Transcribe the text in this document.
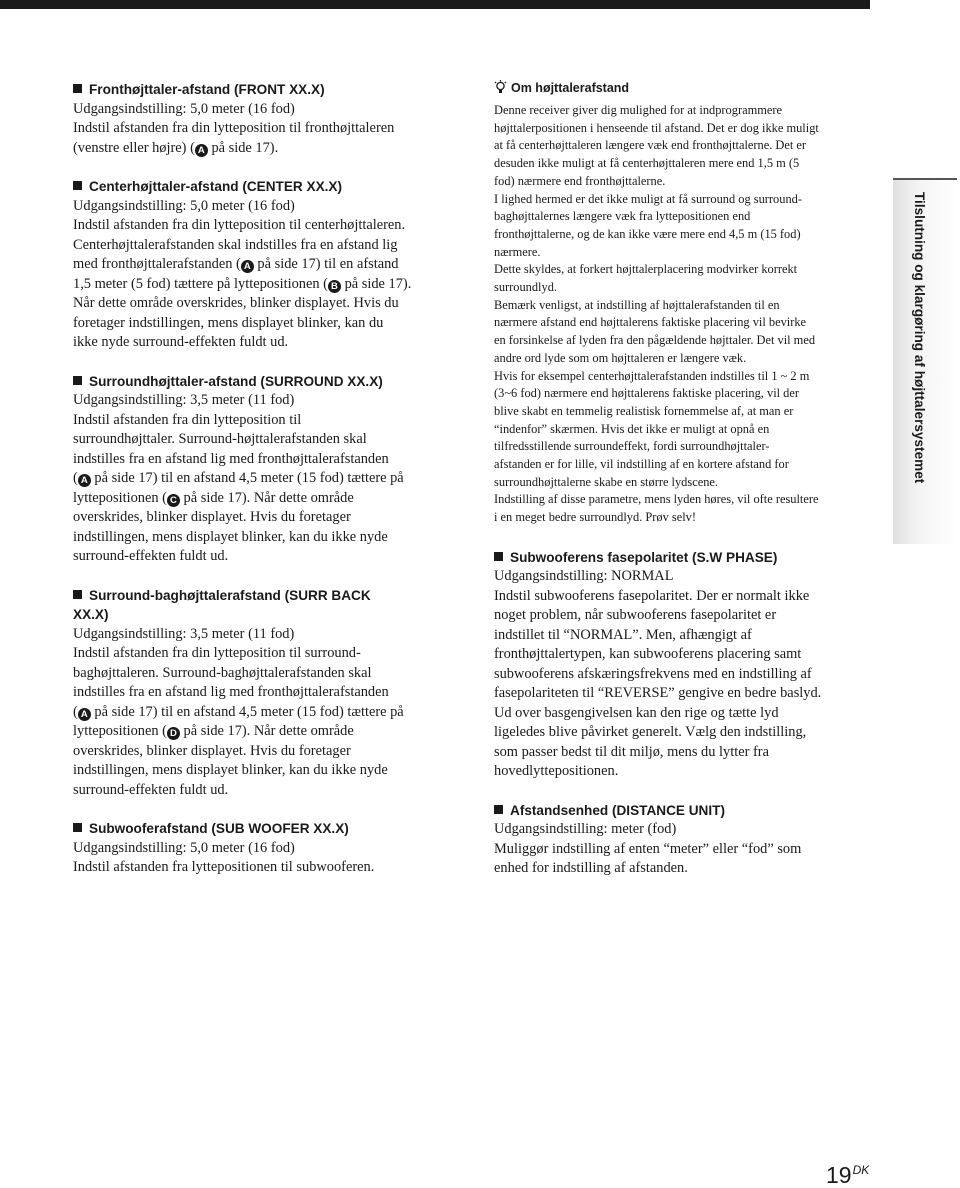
Fronthøjttaler-afstand (FRONT XX.X)
Udgangsindstilling: 5,0 meter (16 fod)
Indstil afstanden fra din lytteposition til fronthøjttaleren
(venstre eller højre) ( A på side 17).
Centerhøjttaler-afstand (CENTER XX.X)
Udgangsindstilling: 5,0 meter (16 fod)
Indstil afstanden fra din lytteposition til centerhøjttaleren.
Centerhøjttalerafstanden skal indstilles fra en afstand lig
med fronthøjttalerafstanden ( A på side 17) til en afstand
1,5 meter (5 fod) tættere på lyttepositionen ( B på side 17).
Når dette område overskrides, blinker displayet. Hvis du
foretager indstillingen, mens displayet blinker, kan du
ikke nyde surround-effekten fuldt ud.
Surroundhøjttaler-afstand (SURROUND XX.X)
Udgangsindstilling: 3,5 meter (11 fod)
Indstil afstanden fra din lytteposition til
surroundhøjttaler. Surround-højttalerafstanden skal
indstilles fra en afstand lig med fronthøjttalerafstanden
( A på side 17) til en afstand 4,5 meter (15 fod) tættere på
lyttepositionen ( C på side 17). Når dette område
overskrides, blinker displayet. Hvis du foretager
indstillingen, mens displayet blinker, kan du ikke nyde
surround-effekten fuldt ud.
Surround-baghøjttalerafstand (SURR BACK
XX.X)
Udgangsindstilling: 3,5 meter (11 fod)
Indstil afstanden fra din lytteposition til surround-
baghøjttaleren. Surround-baghøjttalerafstanden skal
indstilles fra en afstand lig med fronthøjttalerafstanden
( A på side 17) til en afstand 4,5 meter (15 fod) tættere på
lyttepositionen ( D på side 17). Når dette område
overskrides, blinker displayet. Hvis du foretager
indstillingen, mens displayet blinker, kan du ikke nyde
surround-effekten fuldt ud.
Subwooferafstand (SUB WOOFER XX.X)
Udgangsindstilling: 5,0 meter (16 fod)
Indstil afstanden fra lyttepositionen til subwooferen.
Om højttalerafstand
Denne receiver giver dig mulighed for at indprogrammere
højttalerpositionen i henseende til afstand. Det er dog ikke muligt
at få centerhøjttaleren længere væk end fronthøjttalerne. Det er
desuden ikke muligt at få centerhøjttaleren mere end 1,5 m (5
fod) nærmere end fronthøjttalerne.
I lighed hermed er det ikke muligt at få surround og surround-
baghøjttalernes længere væk fra lyttepositionen end
fronthøjttalerne, og de kan ikke være mere end 4,5 m (15 fod)
nærmere.
Dette skyldes, at forkert højttalerplacering modvirker korrekt
surroundlyd.
Bemærk venligst, at indstilling af højttalerafstanden til en
nærmere afstand end højttalerens faktiske placering vil bevirke
en forsinkelse af lyden fra den pågældende højttaler. Det vil med
andre ord lyde som om højttaleren er længere væk.
Hvis for eksempel centerhøjttalerafstanden indstilles til 1 ~ 2 m
(3~6 fod) nærmere end højttalerens faktiske placering, vil der
blive skabt en temmelig realistisk fornemmelse af, at man er
“indenfor” skærmen. Hvis det ikke er muligt at opnå en
tilfredsstillende surroundeffekt, fordi surroundhøjttaler-
afstanden er for lille, vil indstilling af en kortere afstand for
surroundhøjttalerne skabe en større lydscene.
Indstilling af disse parametre, mens lyden høres, vil ofte resultere
i en meget bedre surroundlyd. Prøv selv!
Subwooferens fasepolaritet (S.W PHASE)
Udgangsindstilling: NORMAL
Indstil subwooferens fasepolaritet. Der er normalt ikke
noget problem, når subwooferens fasepolaritet er
indstillet til “NORMAL”. Men, afhængigt af
fronthøjttalertypen, kan subwooferens placering samt
subwooferens afskæringsfrekvens med en indstilling af
fasepolariteten til “REVERSE” gengive en bedre baslyd.
Ud over basgengivelsen kan den rige og tætte lyd
ligeledes blive påvirket generelt. Vælg den indstilling,
som passer bedst til dit miljø, mens du lytter fra
hovedlyttepositionen.
Afstandsenhed (DISTANCE UNIT)
Udgangsindstilling: meter (fod)
Muliggør indstilling af enten “meter” eller “fod” som
enhed for indstilling af afstanden.
Tilslutning og klargøring af højttalersystemet
$19^{DK}$
